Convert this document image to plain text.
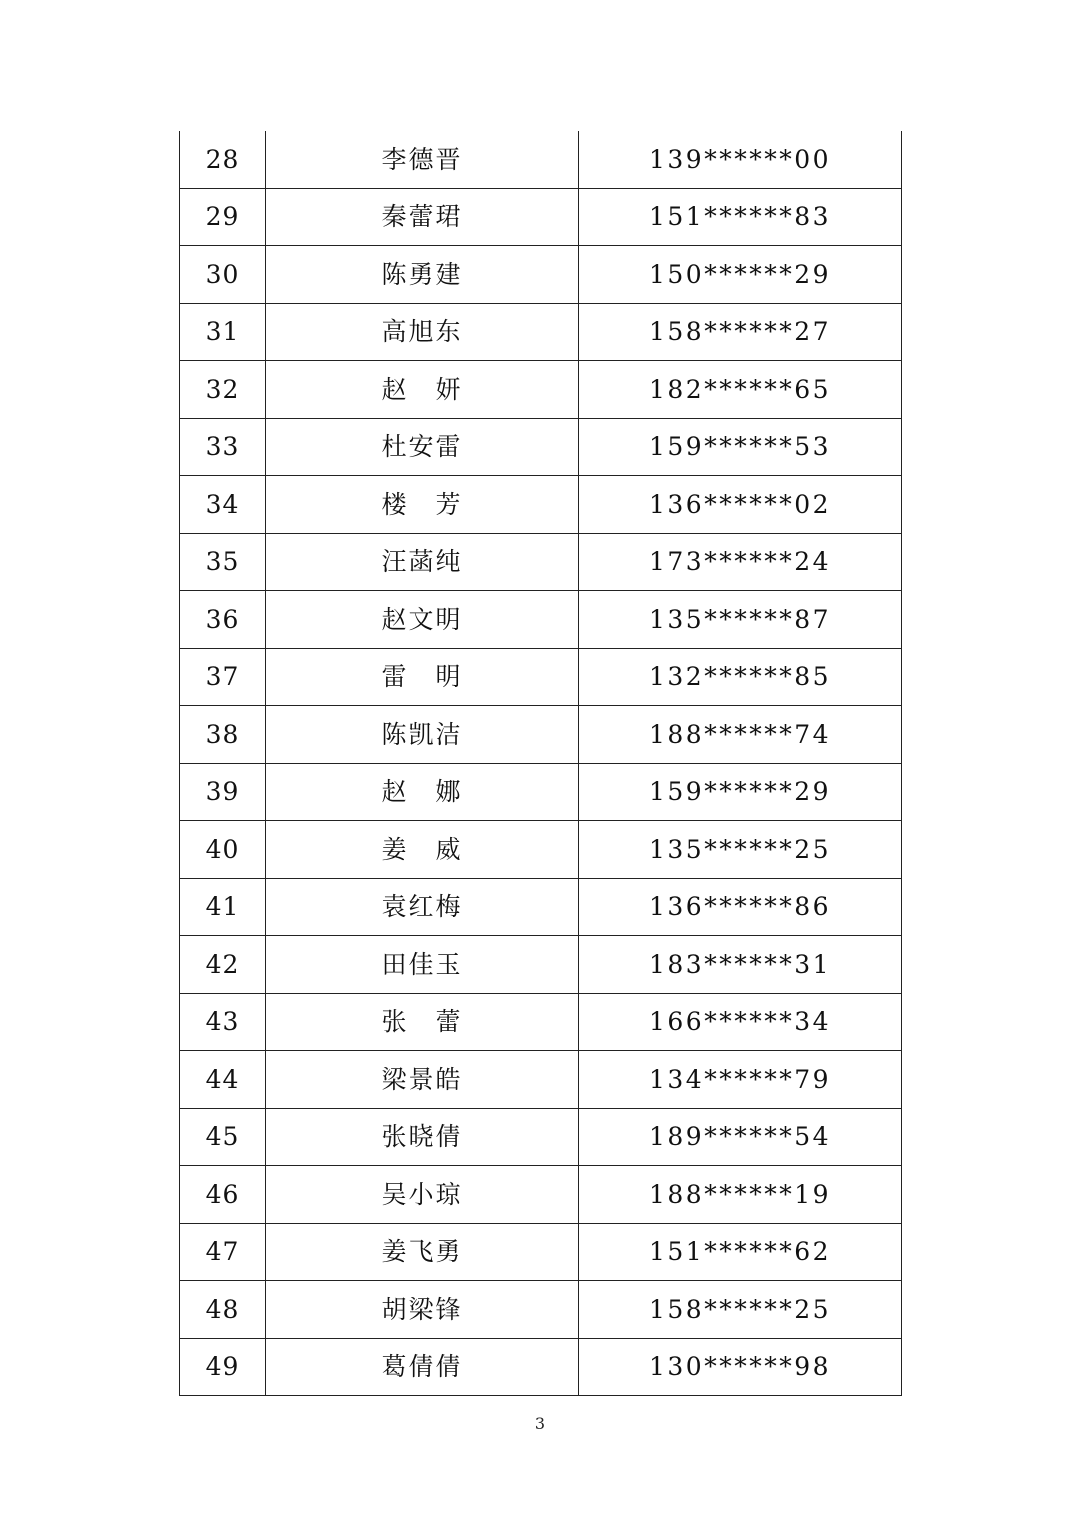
28	李德晋	139******00
29	秦蕾珺	151******83
30	陈勇建	150******29
31	高旭东	158******27
32	赵　妍	182******65
33	杜安雷	159******53
34	楼　芳	136******02
35	汪菡纯	173******24
36	赵文明	135******87
37	雷　明	132******85
38	陈凯洁	188******74
39	赵　娜	159******29
40	姜　威	135******25
41	袁红梅	136******86
42	田佳玉	183******31
43	张　蕾	166******34
44	梁景皓	134******79
45	张晓倩	189******54
46	吴小琼	188******19
47	姜飞勇	151******62
48	胡梁锋	158******25
49	葛倩倩	130******98
3
